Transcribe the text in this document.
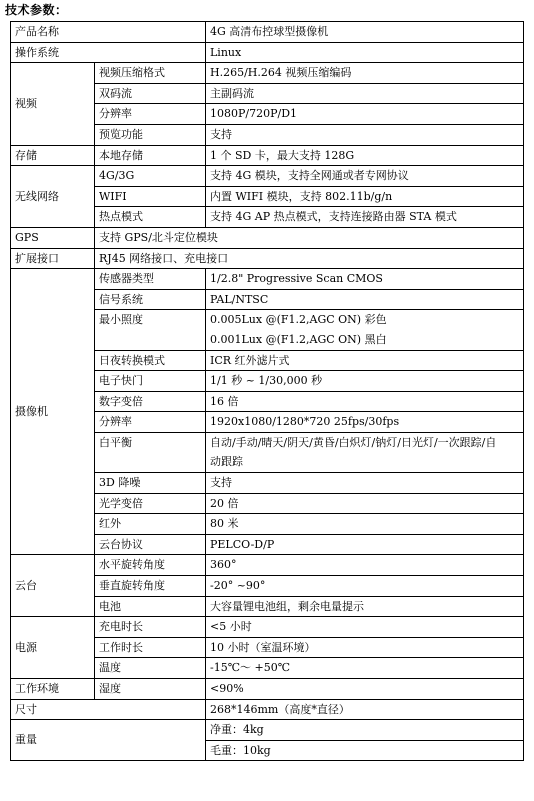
技术参数：
产品名称		4G 高清布控球型摄像机
操作系统		Linux
视频	视频压缩格式	H.265/H.264 视频压缩编码
	双码流	主副码流
	分辨率	1080P/720P/D1
	预览功能	支持
存储	本地存储	1 个 SD 卡，最大支持 128G
无线网络	4G/3G	支持 4G 模块，支持全网通或者专网协议
	WIFI	内置 WIFI 模块，支持 802.11b/g/n
	热点模式	支持 4G AP 热点模式，支持连接路由器 STA 模式
GPS	支持 GPS/北斗定位模块	
扩展接口	RJ45 网络接口、充电接口	
摄像机	传感器类型	1/2.8" Progressive Scan CMOS
	信号系统	PAL/NTSC
	最小照度	0.005Lux @(F1.2,AGC ON) 彩色
		0.001Lux @(F1.2,AGC ON) 黑白
	日夜转换模式	ICR 红外滤片式
	电子快门	1/1 秒 ~ 1/30,000 秒
	数字变倍	16 倍
	分辨率	1920x1080/1280*720 25fps/30fps
	白平衡	自动/手动/晴天/阴天/黄昏/白炽灯/钠灯/日光灯/一次跟踪/自
		动跟踪
	3D 降噪	支持
	光学变倍	20 倍
	红外	80 米
	云台协议	PELCO-D/P
云台	水平旋转角度	360°
	垂直旋转角度	-20° ~90°
	电池	大容量锂电池组，剩余电量提示
电源	充电时长	<5 小时
	工作时长	10 小时（室温环境）
	温度	-15℃～ +50℃
工作环境	湿度	<90%
尺寸		268*146mm（高度*直径）
重量		净重：4kg
		毛重：10kg
